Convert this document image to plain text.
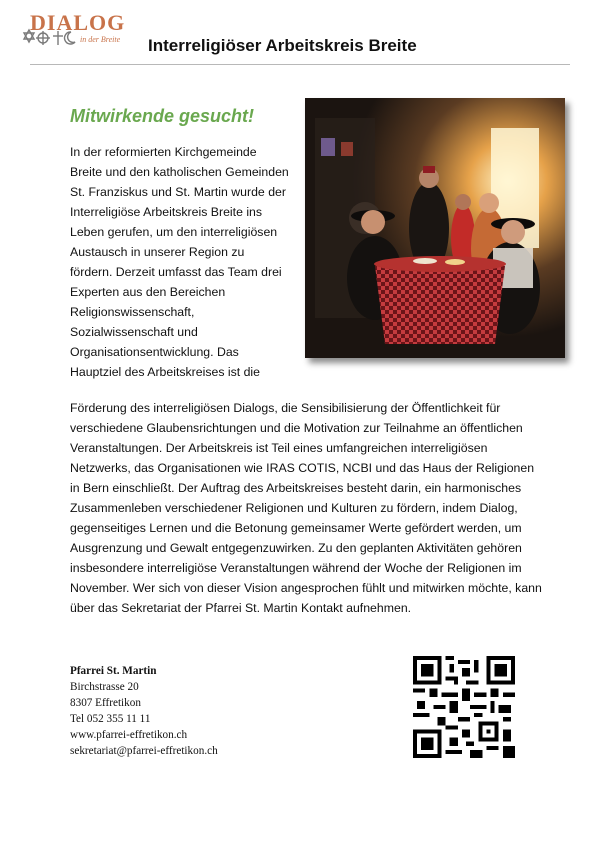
DIALOG
in der Breite Interreligiöser Arbeitskreis Breite

Mitwirkende gesucht!

In der reformierten Kirchgemeinde Breite und den katholischen Gemeinden St. Franziskus und St. Martin wurde der Interreligiöse Arbeitskreis Breite ins Leben gerufen, um den interreligiösen Austausch in unserer Region zu fördern. Derzeit umfasst das Team drei Experten aus den Bereichen Religionswissenschaft, Sozialwissenschaft und Organisationsentwicklung. Das Hauptziel des Arbeitskreises ist die

Förderung des interreligiösen Dialogs, die Sensibilisierung der Öffentlichkeit für verschiedene Glaubensrichtungen und die Motivation zur Teilnahme an öffentlichen Veranstaltungen. Der Arbeitskreis ist Teil eines umfangreichen interreligiösen Netzwerks, das Organisationen wie IRAS COTIS, NCBI und das Haus der Religionen in Bern einschließt. Der Auftrag des Arbeitskreises besteht darin, ein harmonisches Zusammenleben verschiedener Religionen und Kulturen zu fördern, indem Dialog, gegenseitiges Lernen und die Betonung gemeinsamer Werte gefördert werden, um Ausgrenzung und Gewalt entgegenzuwirken. Zu den geplanten Aktivitäten gehören insbesondere interreligiöse Veranstaltungen während der Woche der Religionen im November. Wer sich von dieser Vision angesprochen fühlt und mitwirken möchte, kann über das Sekretariat der Pfarrei St. Martin Kontakt aufnehmen.

Pfarrei St. Martin
Birchstrasse 20
8307 Effretikon
Tel 052 355 11 11
www.pfarrei-effretikon.ch
sekretariat@pfarrei-effretikon.ch
